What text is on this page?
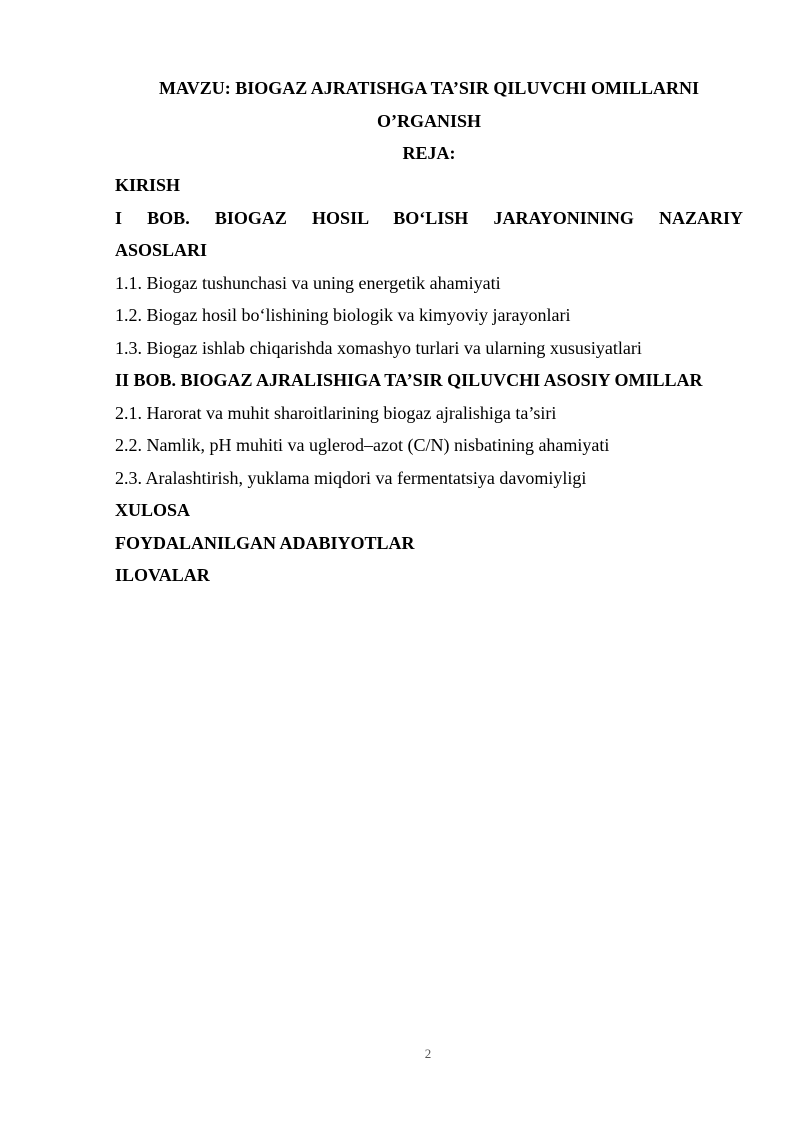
MAVZU: BIOGAZ AJRATISHGA TA’SIR QILUVCHI OMILLARNI
O’RGANISH
REJA:
KIRISH
I BOB. BIOGAZ HOSIL BO‘LISH JARAYONINING NAZARIY
ASOSLARI
1.1. Biogaz tushunchasi va uning energetik ahamiyati
1.2. Biogaz hosil bo‘lishining biologik va kimyoviy jarayonlari
1.3. Biogaz ishlab chiqarishda xomashyo turlari va ularning xususiyatlari
II BOB. BIOGAZ AJRALISHIGA TA’SIR QILUVCHI ASOSIY OMILLAR
2.1. Harorat va muhit sharoitlarining biogaz ajralishiga ta’siri
2.2. Namlik, pH muhiti va uglerod–azot (C/N) nisbatining ahamiyati
2.3. Aralashtirish, yuklama miqdori va fermentatsiya davomiyligi
XULOSA
FOYDALANILGAN ADABIYOTLAR
ILOVALAR
2
